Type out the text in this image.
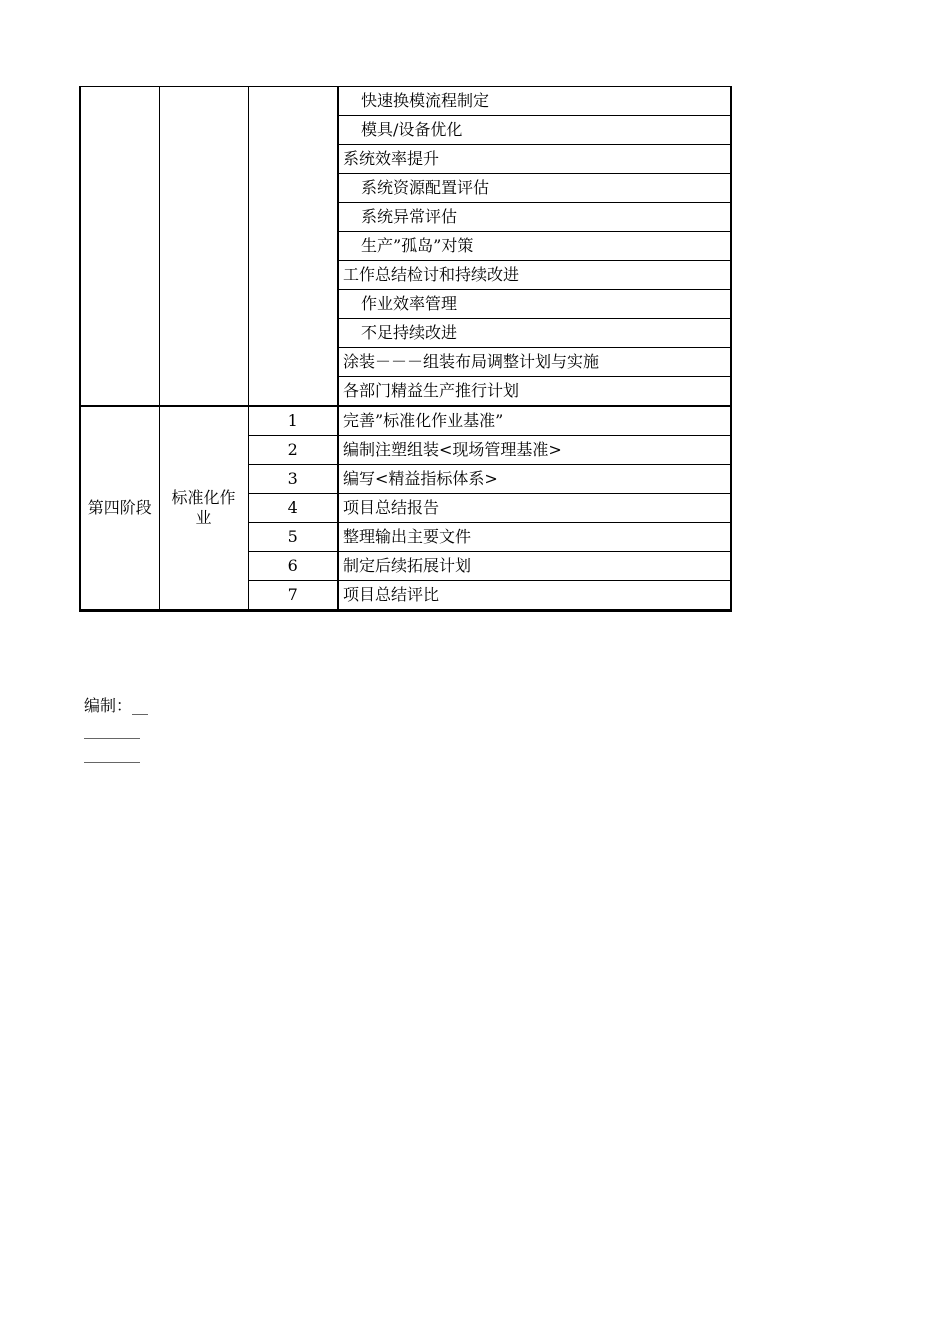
			快速换模流程制定
			模具/设备优化
			系统效率提升
			系统资源配置评估
			系统异常评估
			生产”孤岛”对策
			工作总结检讨和持续改进
			作业效率管理
			不足持续改进
			涂装－－－组装布局调整计划与实施
			各部门精益生产推行计划
第四阶段	标准化作业	1	完善”标准化作业基准”
		2	编制注塑组装<现场管理基准>
		3	编写<精益指标体系>
		4	项目总结报告
		5	整理输出主要文件
		6	制定后续拓展计划
		7	项目总结评比
编制：__
_______
_______
